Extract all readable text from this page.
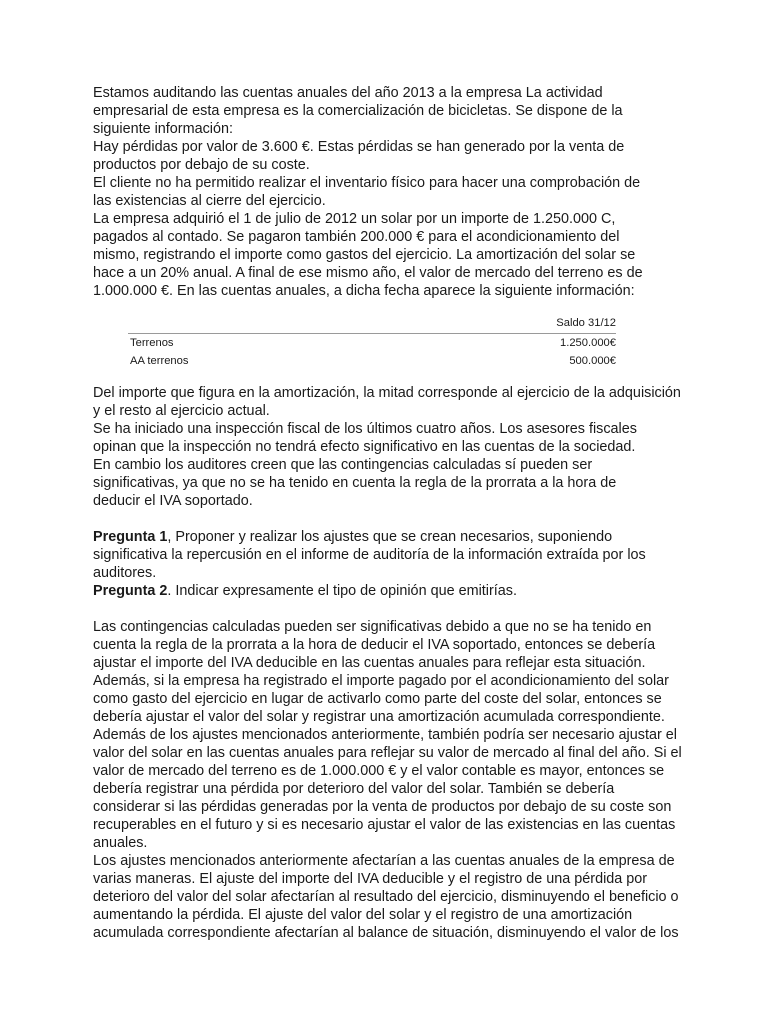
Estamos auditando las cuentas anuales del año 2013 a la empresa La actividad
empresarial de esta empresa es la comercialización de bicicletas. Se dispone de la
siguiente información:
Hay pérdidas por valor de 3.600 €. Estas pérdidas se han generado por la venta de
productos por debajo de su coste.
El cliente no ha permitido realizar el inventario físico para hacer una comprobación de
las existencias al cierre del ejercicio.
La empresa adquirió el 1 de julio de 2012 un solar por un importe de 1.250.000 C,
pagados al contado. Se pagaron también 200.000 € para el acondicionamiento del
mismo, registrando el importe como gastos del ejercicio. La amortización del solar se
hace a un 20% anual. A final de ese mismo año, el valor de mercado del terreno es de
1.000.000 €. En las cuentas anuales, a dicha fecha aparece la siguiente información:
Saldo 31/12
Terrenos	1.250.000€
AA terrenos	500.000€
Del importe que figura en la amortización, la mitad corresponde al ejercicio de la adquisición
y el resto al ejercicio actual.
Se ha iniciado una inspección fiscal de los últimos cuatro años. Los asesores fiscales
opinan que la inspección no tendrá efecto significativo en las cuentas de la sociedad.
En cambio los auditores creen que las contingencias calculadas sí pueden ser
significativas, ya que no se ha tenido en cuenta la regla de la prorrata a la hora de
deducir el IVA soportado.
Pregunta 1, Proponer y realizar los ajustes que se crean necesarios, suponiendo
significativa la repercusión en el informe de auditoría de la información extraída por los
auditores.
Pregunta 2. Indicar expresamente el tipo de opinión que emitirías.
Las contingencias calculadas pueden ser significativas debido a que no se ha tenido en
cuenta la regla de la prorrata a la hora de deducir el IVA soportado, entonces se debería
ajustar el importe del IVA deducible en las cuentas anuales para reflejar esta situación.
Además, si la empresa ha registrado el importe pagado por el acondicionamiento del solar
como gasto del ejercicio en lugar de activarlo como parte del coste del solar, entonces se
debería ajustar el valor del solar y registrar una amortización acumulada correspondiente.
Además de los ajustes mencionados anteriormente, también podría ser necesario ajustar el
valor del solar en las cuentas anuales para reflejar su valor de mercado al final del año. Si el
valor de mercado del terreno es de 1.000.000 € y el valor contable es mayor, entonces se
debería registrar una pérdida por deterioro del valor del solar. También se debería
considerar si las pérdidas generadas por la venta de productos por debajo de su coste son
recuperables en el futuro y si es necesario ajustar el valor de las existencias en las cuentas
anuales.
Los ajustes mencionados anteriormente afectarían a las cuentas anuales de la empresa de
varias maneras. El ajuste del importe del IVA deducible y el registro de una pérdida por
deterioro del valor del solar afectarían al resultado del ejercicio, disminuyendo el beneficio o
aumentando la pérdida. El ajuste del valor del solar y el registro de una amortización
acumulada correspondiente afectarían al balance de situación, disminuyendo el valor de los
